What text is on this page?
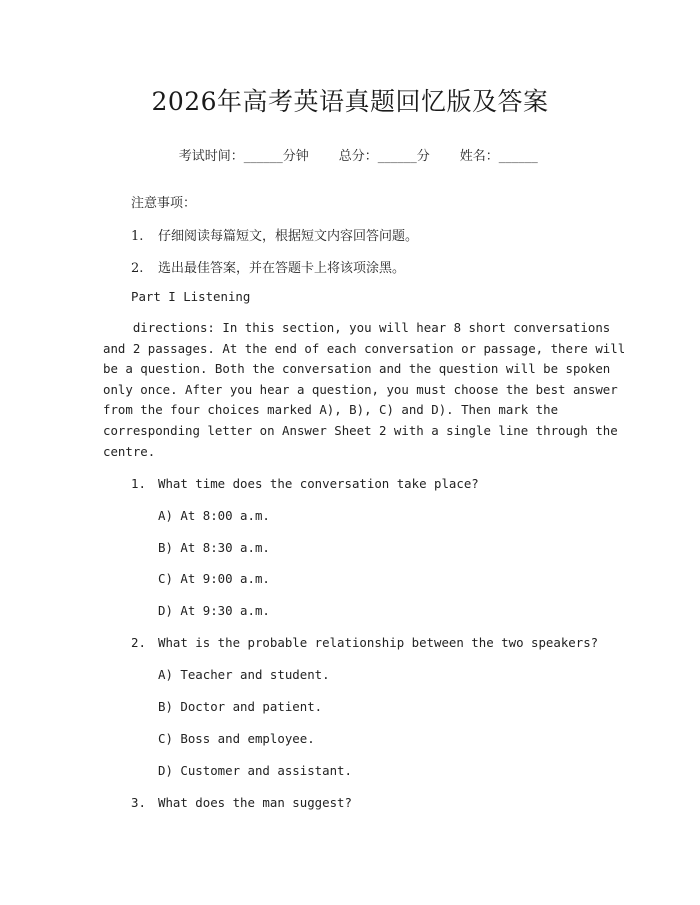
2026年高考英语真题回忆版及答案

考试时间：______分钟 总分：______分 姓名：______

注意事项：
1. 仔细阅读每篇短文，根据短文内容回答问题。
2. 选出最佳答案，并在答题卡上将该项涂黑。
Part I Listening
directions: In this section, you will hear 8 short conversations
and 2 passages. At the end of each conversation or passage, there will
be a question. Both the conversation and the question will be spoken
only once. After you hear a question, you must choose the best answer
from the four choices marked A), B), C) and D). Then mark the
corresponding letter on Answer Sheet 2 with a single line through the
centre.
1. What time does the conversation take place?
A) At 8:00 a.m.
B) At 8:30 a.m.
C) At 9:00 a.m.
D) At 9:30 a.m.
2. What is the probable relationship between the two speakers?
A) Teacher and student.
B) Doctor and patient.
C) Boss and employee.
D) Customer and assistant.
3. What does the man suggest?
